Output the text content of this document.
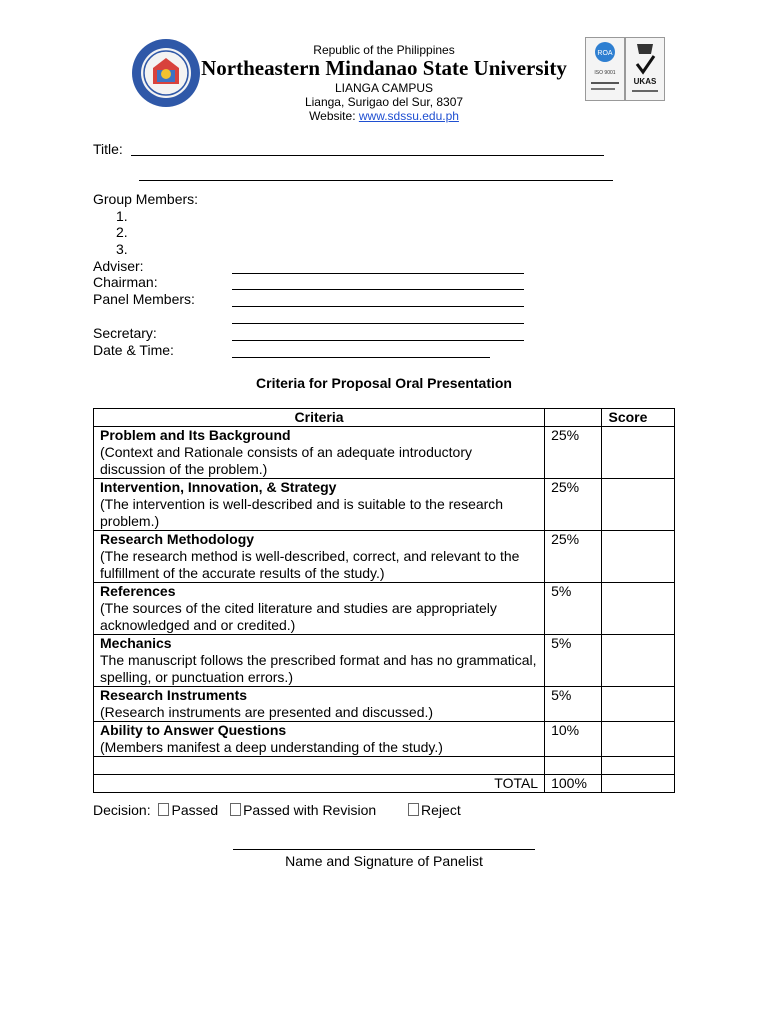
Republic of the Philippines
Northeastern Mindanao State University
LIANGA CAMPUS
Lianga, Surigao del Sur, 8307
Website: www.sdssu.edu.ph
ROA
ISO 9001
UKAS
Title:
Group Members:
1.
2.
3.
Adviser:
Chairman:
Panel Members:
Secretary:
Date & Time:
Criteria for Proposal Oral Presentation
Criteria		Score

Problem and Its Background
(Context and Rationale consists of an adequate introductory discussion of the problem.)	25%	

Intervention, Innovation, & Strategy
(The intervention is well-described and is suitable to the research problem.)	25%	

Research Methodology
(The research method is well-described, correct, and relevant to the fulfillment of the accurate results of the study.)	25%	

References
(The sources of the cited literature and studies are appropriately acknowledged and or credited.)	5%	

Mechanics
The manuscript follows the prescribed format and has no grammatical, spelling, or punctuation errors.)	5%	

Research Instruments
(Research instruments are presented and discussed.)	5%	

Ability to Answer Questions
(Members manifest a deep understanding of the study.)	10%	

TOTAL	100%	
Decision: Passed Passed with Revision	Reject
Name and Signature of Panelist
